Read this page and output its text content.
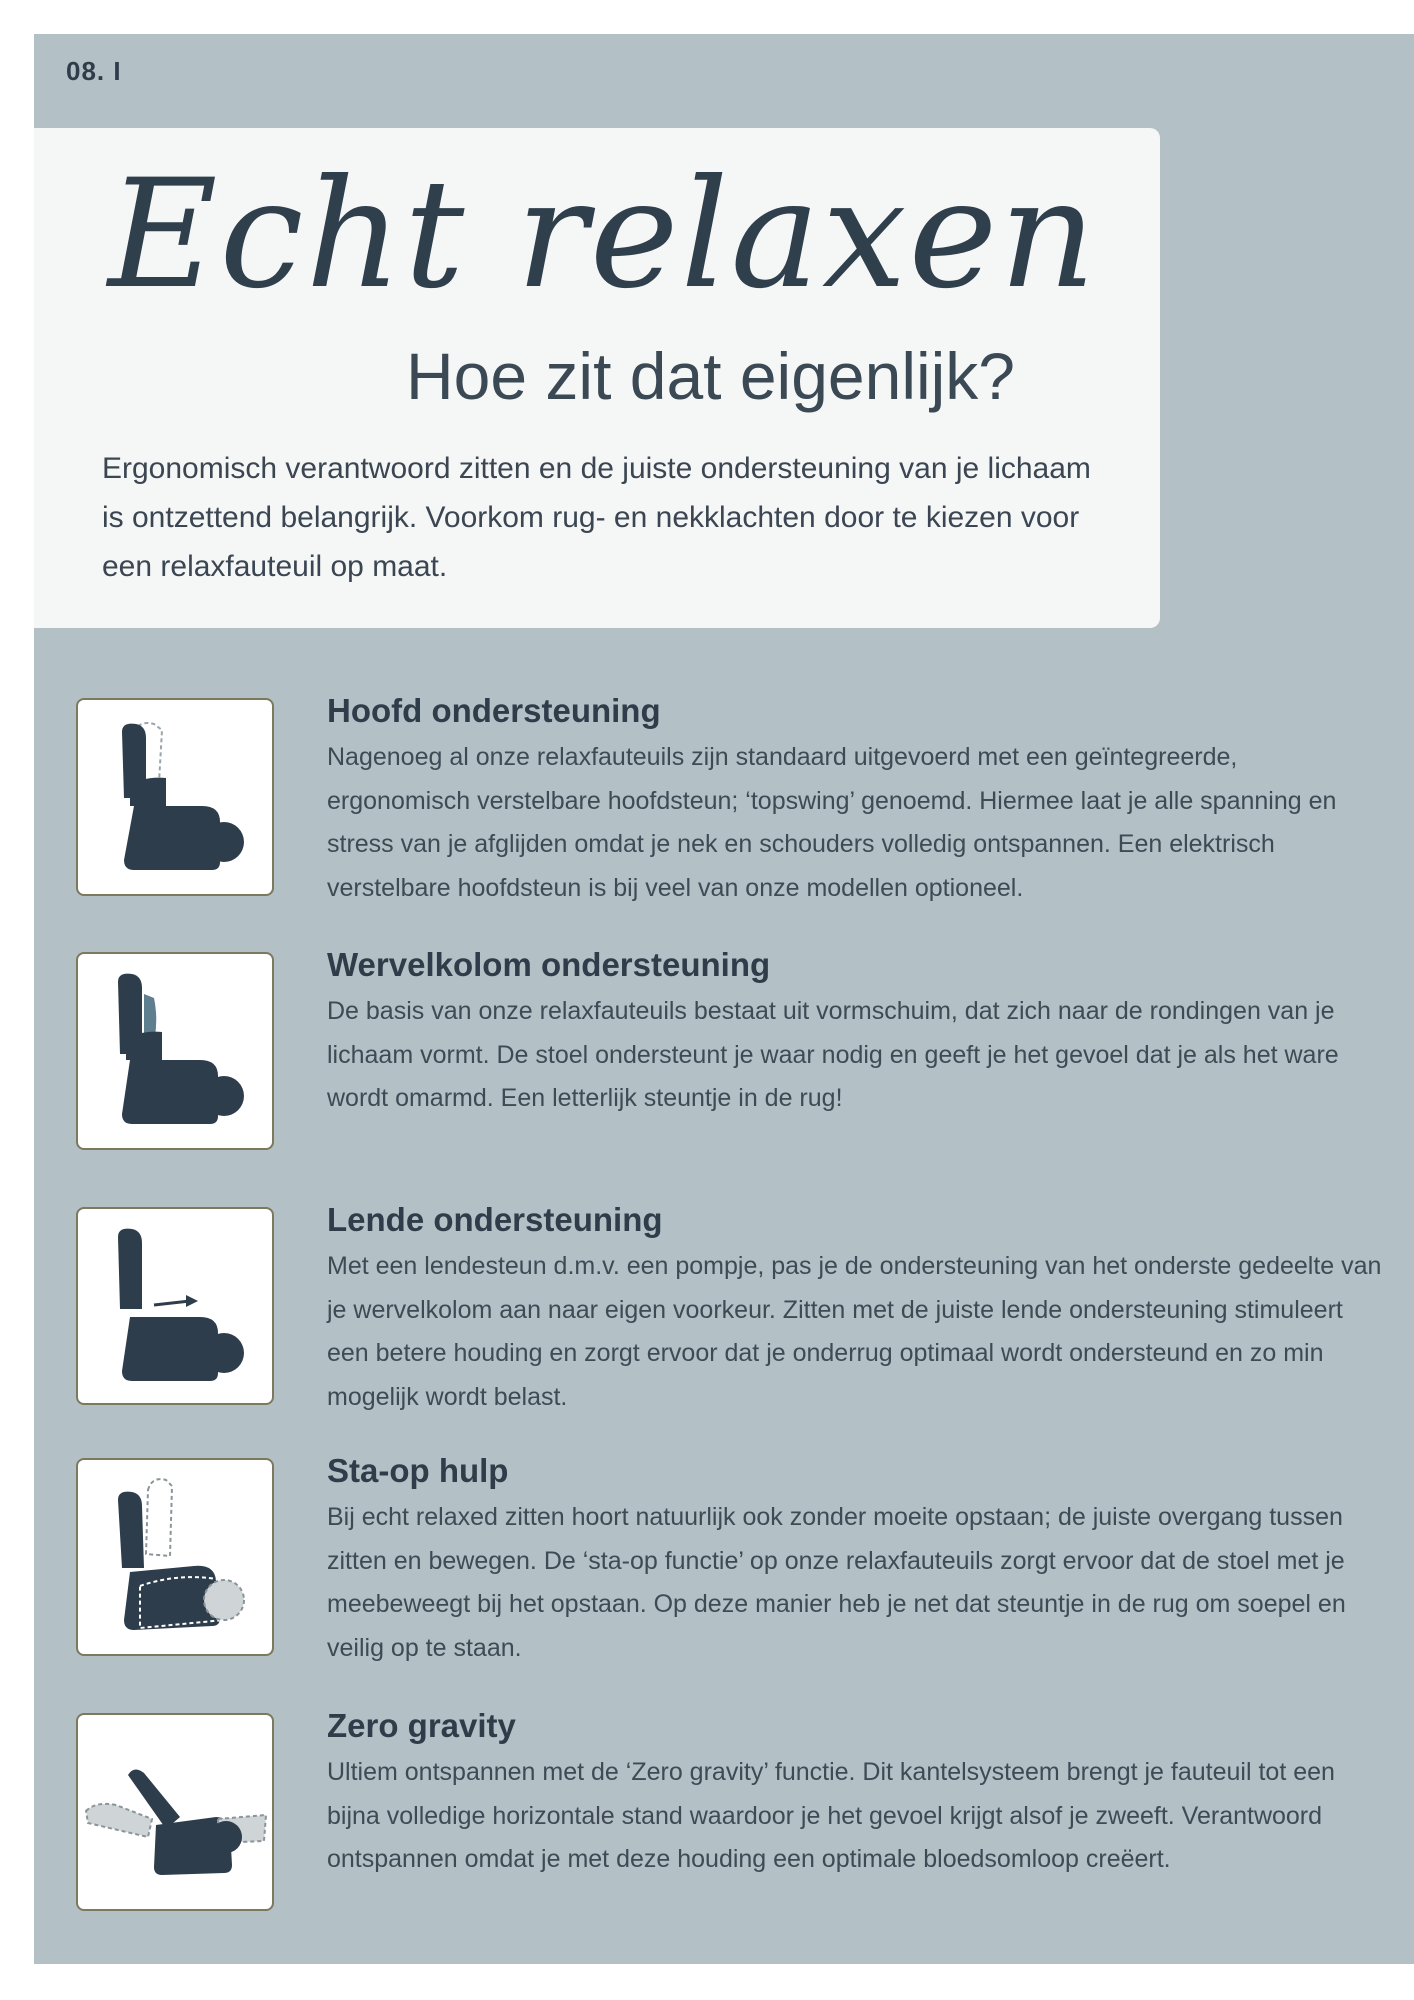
08. I
Echt relaxen
Hoe zit dat eigenlijk?
Ergonomisch verantwoord zitten en de juiste ondersteuning van je lichaam is ontzettend belangrijk. Voorkom rug- en nekklachten door te kiezen voor een relaxfauteuil op maat.
Hoofd ondersteuning
Nagenoeg al onze relaxfauteuils zijn standaard uitgevoerd met een geïntegreerde, ergonomisch verstelbare hoofdsteun; ‘topswing’ genoemd. Hiermee laat je alle spanning en stress van je afglijden omdat je nek en schouders volledig ontspannen. Een elektrisch verstelbare hoofdsteun is bij veel van onze modellen optioneel.
Wervelkolom ondersteuning
De basis van onze relaxfauteuils bestaat uit vormschuim, dat zich naar de rondingen van je lichaam vormt. De stoel ondersteunt je waar nodig en geeft je het gevoel dat je als het ware wordt omarmd. Een letterlijk steuntje in de rug!
Lende ondersteuning
Met een lendesteun d.m.v. een pompje, pas je de ondersteuning van het onderste gedeelte van je wervelkolom aan naar eigen voorkeur. Zitten met de juiste lende ondersteuning stimuleert een betere houding en zorgt ervoor dat je onderrug optimaal wordt ondersteund en zo min mogelijk wordt belast.
Sta-op hulp
Bij echt relaxed zitten hoort natuurlijk ook zonder moeite opstaan; de juiste overgang tussen zitten en bewegen. De ‘sta-op functie’ op onze relaxfauteuils zorgt ervoor dat de stoel met je meebeweegt bij het opstaan. Op deze manier heb je net dat steuntje in de rug om soepel en veilig op te staan.
Zero gravity
Ultiem ontspannen met de ‘Zero gravity’ functie. Dit kantelsysteem brengt je fauteuil tot een bijna volledige horizontale stand waardoor je het gevoel krijgt alsof je zweeft. Verantwoord ontspannen omdat je met deze houding een optimale bloedsomloop creëert.
